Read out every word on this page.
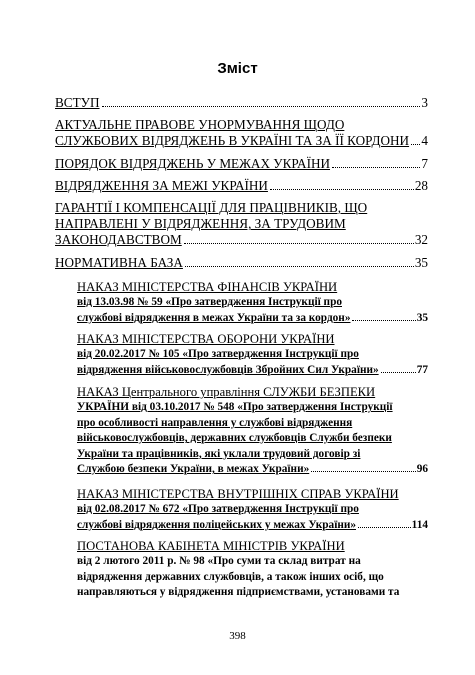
Зміст
ВСТУП	3
АКТУАЛЬНЕ ПРАВОВЕ УНОРМУВАННЯ ЩОДО
СЛУЖБОВИХ ВІДРЯДЖЕНЬ В УКРАЇНІ ТА ЗА ЇЇ КОРДОНИ 4
ПОРЯДОК ВІДРЯДЖЕНЬ У МЕЖАХ УКРАЇНИ	7
ВІДРЯДЖЕННЯ ЗА МЕЖІ УКРАЇНИ	28
ГАРАНТІЇ І КОМПЕНСАЦІЇ ДЛЯ ПРАЦІВНИКІВ, ЩО
НАПРАВЛЕНІ У ВІДРЯДЖЕННЯ, ЗА ТРУДОВИМ
ЗАКОНОДАВСТВОМ	32
НОРМАТИВНА БАЗА	35
НАКАЗ МІНІСТЕРСТВА ФІНАНСІВ УКРАЇНИ
від 13.03.98 № 59 «Про затвердження Інструкції про
службові відрядження в межах України та за кордон»	35
НАКАЗ МІНІСТЕРСТВА ОБОРОНИ УКРАЇНИ
від 20.02.2017 № 105 «Про затвердження Інструкції про
відрядження військовослужбовців Збройних Сил України»	77
НАКАЗ Центрального управління СЛУЖБИ БЕЗПЕКИ
УКРАЇНИ від 03.10.2017 № 548 «Про затвердження Інструкції
про особливості направлення у службові відрядження
військовослужбовців, державних службовців Служби безпеки
України та працівників, які уклали трудовий договір зі
Службою безпеки України, в межах України»	96
НАКАЗ МІНІСТЕРСТВА ВНУТРІШНІХ СПРАВ УКРАЇНИ
від 02.08.2017 № 672 «Про затвердження Інструкції про
службові відрядження поліцейських у межах України»	114
ПОСТАНОВА КАБІНЕТА МІНІСТРІВ УКРАЇНИ
від 2 лютого 2011 р. № 98 «Про суми та склад витрат на
відрядження державних службовців, а також інших осіб, що
направляються у відрядження підприємствами, установами та
398
